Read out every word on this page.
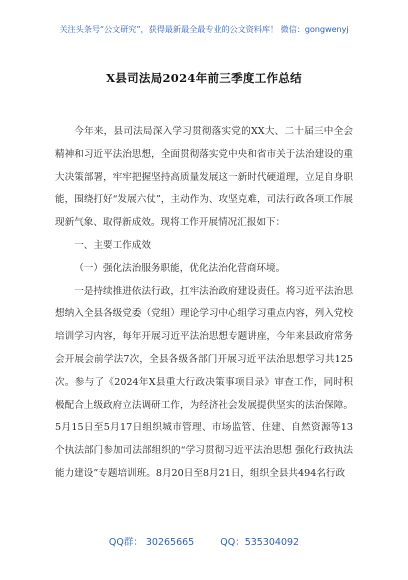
关注头条号“公文研究”，获得最新最全最专业的公文资料库！ 微信：gongwenyj
X县司法局2024年前三季度工作总结

今年来，县司法局深入学习贯彻落实党的XX大、二十届三中全会精神和习近平法治思想，全面贯彻落实党中央和省市关于法治建设的重大决策部署，牢牢把握坚持高质量发展这一新时代硬道理，立足自身职能，围绕打好“发展六仗”，主动作为、攻坚克难，司法行政各项工作展现新气象、取得新成效。现将工作开展情况汇报如下：

一、主要工作成效

（一）强化法治服务职能，优化法治化营商环境。

一是持续推进依法行政，扛牢法治政府建设责任。将习近平法治思想纳入全县各级党委（党组）理论学习中心组学习重点内容，列入党校培训学习内容，每年开展习近平法治思想专题讲座，今年来县政府常务会开展会前学法7次，全县各级各部门开展习近平法治思想学习共125次。参与了《2024年X县重大行政决策事项目录》审查工作，同时积极配合上级政府立法调研工作，为经济社会发展提供坚实的法治保障。5月15日至5月17日组织城市管理、市场监管、住建、自然资源等13个执法部门参加司法部组织的“学习贯彻习近平法治思想 强化行政执法能力建设”专题培训班。8月20日至8月21日，组织全县共494名行政

QQ群： 30265665	QQ：535304092
